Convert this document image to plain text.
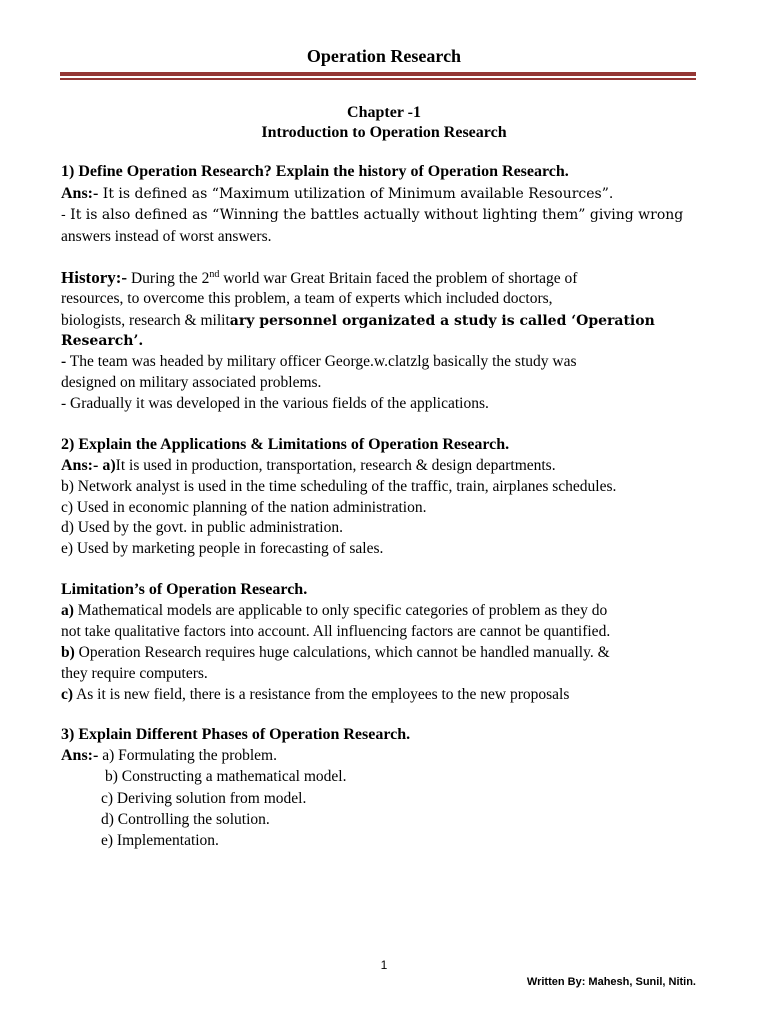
Operation Research
Chapter -1
Introduction to Operation Research
1) Define Operation Research? Explain the history of Operation Research.
Ans:- It is defined as “Maximum utilization of Minimum available Resources”.
- It is also defined as “Winning the battles actually without lighting them” giving wrong
answers instead of worst answers.
History:- During the 2nd world war Great Britain faced the problem of shortage of
resources, to overcome this problem, a team of experts which included doctors,
biologists, research & military personnel organizated a study is called ‘Operation
Research’.
- The team was headed by military officer George.w.clatzlg basically the study was
designed on military associated problems.
- Gradually it was developed in the various fields of the applications.
2) Explain the Applications & Limitations of Operation Research.
Ans:- a)It is used in production, transportation, research & design departments.
b) Network analyst is used in the time scheduling of the traffic, train, airplanes schedules.
c) Used in economic planning of the nation administration.
d) Used by the govt. in public administration.
e) Used by marketing people in forecasting of sales.
Limitation’s of Operation Research.
a) Mathematical models are applicable to only specific categories of problem as they do
not take qualitative factors into account. All influencing factors are cannot be quantified.
b) Operation Research requires huge calculations, which cannot be handled manually. &
they require computers.
c) As it is new field, there is a resistance from the employees to the new proposals
3) Explain Different Phases of Operation Research.
Ans:- a) Formulating the problem.
b) Constructing a mathematical model.
c) Deriving solution from model.
d) Controlling the solution.
e) Implementation.
1
Written By: Mahesh, Sunil, Nitin.
